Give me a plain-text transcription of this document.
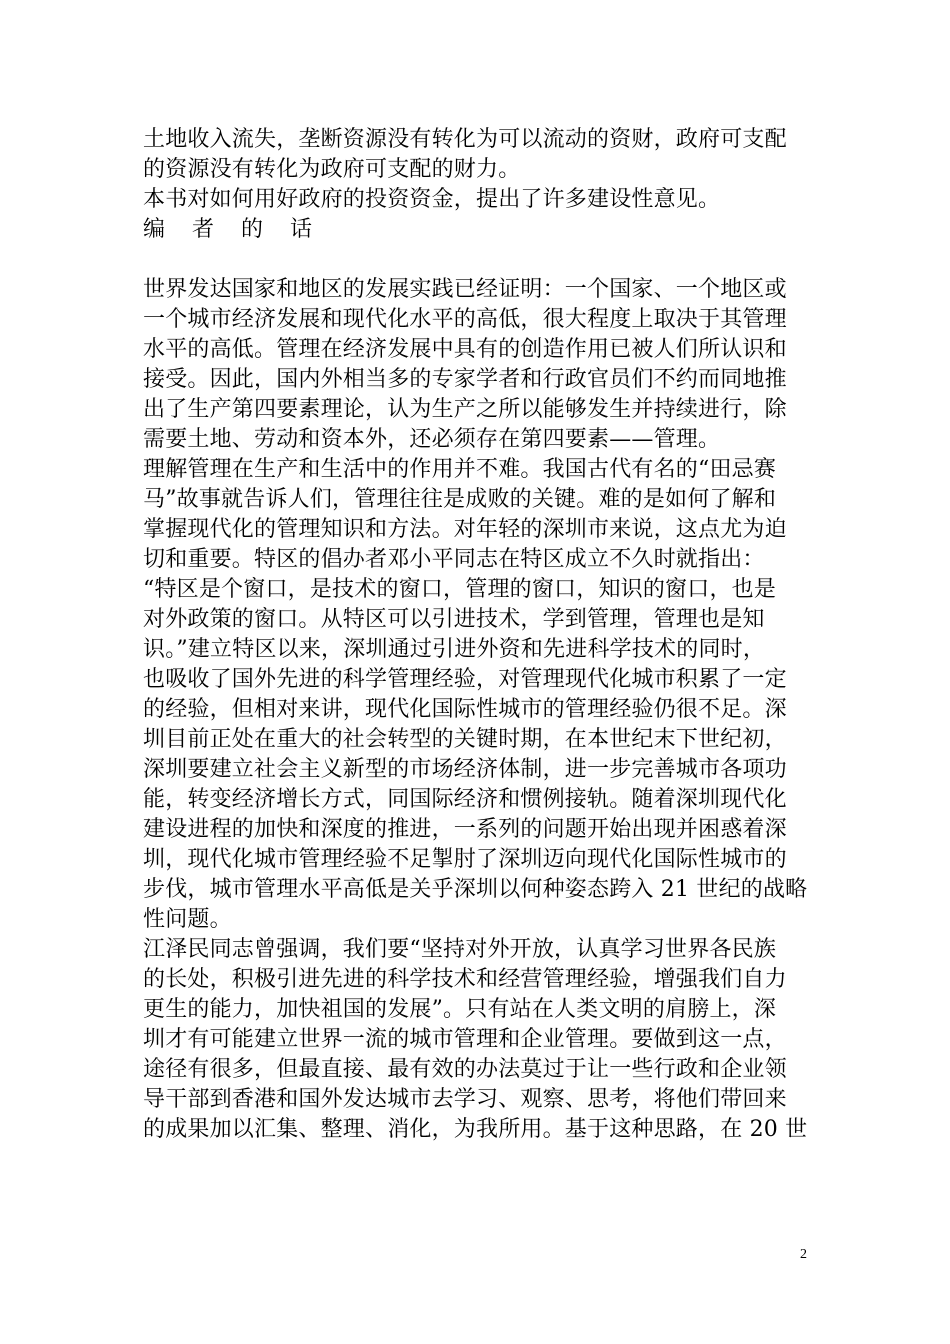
土地收入流失，垄断资源没有转化为可以流动的资财，政府可支配
的资源没有转化为政府可支配的财力。
本书对如何用好政府的投资资金，提出了许多建设性意见。
编 者 的 话
世界发达国家和地区的发展实践已经证明：一个国家、一个地区或
一个城市经济发展和现代化水平的高低，很大程度上取决于其管理
水平的高低。管理在经济发展中具有的创造作用已被人们所认识和
接受。因此，国内外相当多的专家学者和行政官员们不约而同地推
出了生产第四要素理论，认为生产之所以能够发生并持续进行，除
需要土地、劳动和资本外，还必须存在第四要素——管理。
理解管理在生产和生活中的作用并不难。我国古代有名的“田忌赛
马”故事就告诉人们，管理往往是成败的关键。难的是如何了解和
掌握现代化的管理知识和方法。对年轻的深圳市来说，这点尤为迫
切和重要。特区的倡办者邓小平同志在特区成立不久时就指出：
“特区是个窗口，是技术的窗口，管理的窗口，知识的窗口，也是
对外政策的窗口。从特区可以引进技术，学到管理，管理也是知
识。”建立特区以来，深圳通过引进外资和先进科学技术的同时，
也吸收了国外先进的科学管理经验，对管理现代化城市积累了一定
的经验，但相对来讲，现代化国际性城市的管理经验仍很不足。深
圳目前正处在重大的社会转型的关键时期，在本世纪末下世纪初，
深圳要建立社会主义新型的市场经济体制，进一步完善城市各项功
能，转变经济增长方式，同国际经济和惯例接轨。随着深圳现代化
建设进程的加快和深度的推进，一系列的问题开始出现并困惑着深
圳，现代化城市管理经验不足掣肘了深圳迈向现代化国际性城市的
步伐，城市管理水平高低是关乎深圳以何种姿态跨入 21 世纪的战略
性问题。
江泽民同志曾强调，我们要“坚持对外开放，认真学习世界各民族
的长处，积极引进先进的科学技术和经营管理经验，增强我们自力
更生的能力，加快祖国的发展”。只有站在人类文明的肩膀上，深
圳才有可能建立世界一流的城市管理和企业管理。要做到这一点，
途径有很多，但最直接、最有效的办法莫过于让一些行政和企业领
导干部到香港和国外发达城市去学习、观察、思考，将他们带回来
的成果加以汇集、整理、消化，为我所用。基于这种思路，在 20 世
2
